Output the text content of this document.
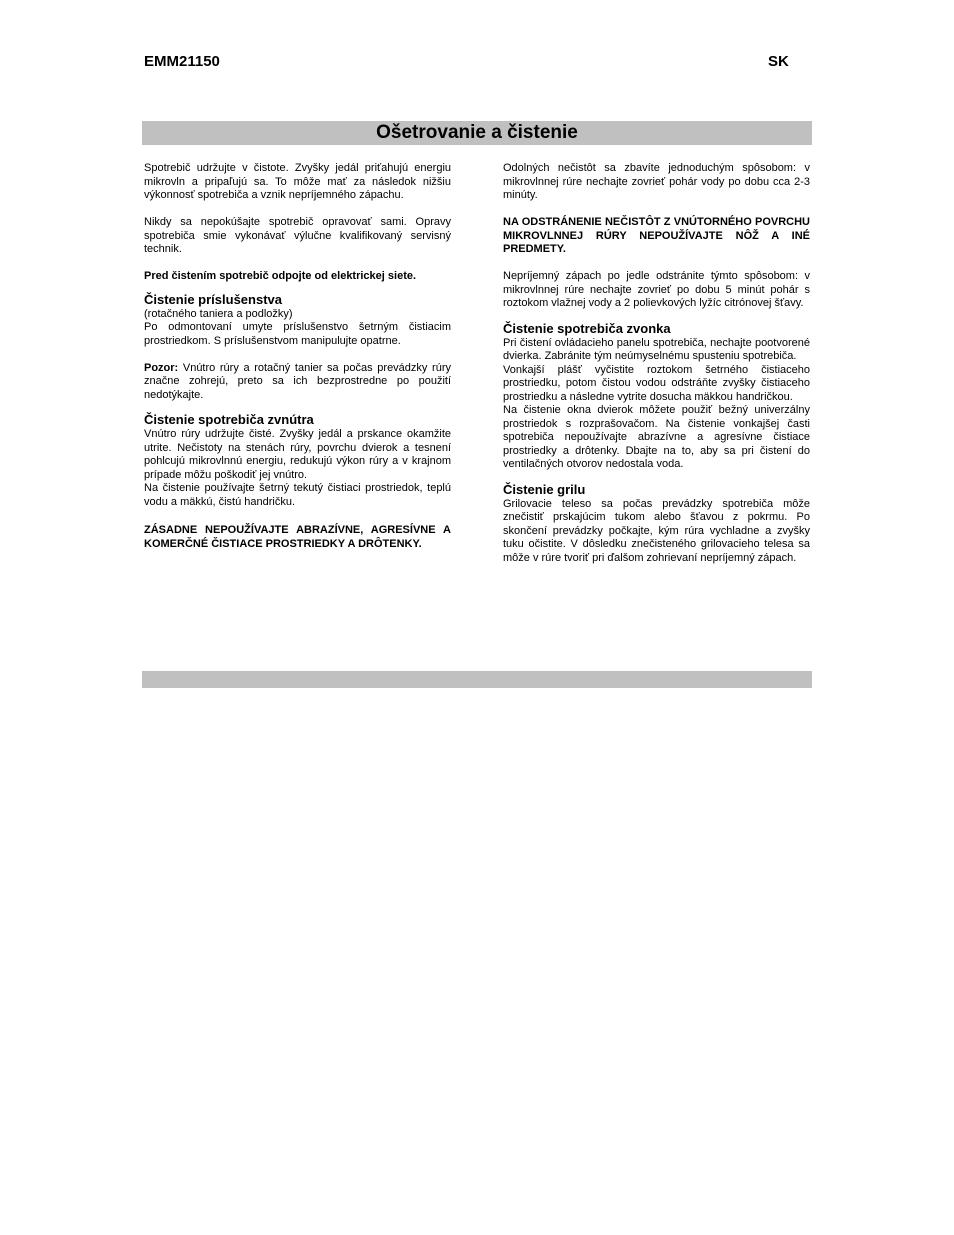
EMM21150	SK
Ošetrovanie a čistenie

Spotrebič udržujte v čistote. Zvyšky jedál priťahujú energiu mikrovln a pripaľujú sa. To môže mať za následok nižšiu výkonnosť spotrebiča a vznik nepríjemného zápachu.

Nikdy sa nepokúšajte spotrebič opravovať sami. Opravy spotrebiča smie vykonávať výlučne kvalifikovaný servisný technik.

Pred čistením spotrebič odpojte od elektrickej siete.

Čistenie príslušenstva

(rotačného taniera a podložky)

Po odmontovaní umyte príslušenstvo šetrným čistiacim prostriedkom. S príslušenstvom manipulujte opatrne.

Pozor: Vnútro rúry a rotačný tanier sa počas prevádzky rúry značne zohrejú, preto sa ich bezprostredne po použití nedotýkajte.

Čistenie spotrebiča zvnútra

Vnútro rúry udržujte čisté. Zvyšky jedál a prskance okamžite utrite. Nečistoty na stenách rúry, povrchu dvierok a tesnení pohlcujú mikrovlnnú energiu, redukujú výkon rúry a v krajnom prípade môžu poškodiť jej vnútro.

Na čistenie používajte šetrný tekutý čistiaci prostriedok, teplú vodu a mäkkú, čistú handričku.

ZÁSADNE NEPOUŽÍVAJTE ABRAZÍVNE, AGRESÍVNE A KOMERČNÉ ČISTIACE PROSTRIEDKY A DRÔTENKY.

Odolných nečistôt sa zbavíte jednoduchým spôsobom: v mikrovlnnej rúre nechajte zovrieť pohár vody po dobu cca 2-3 minúty.

NA ODSTRÁNENIE NEČISTÔT Z VNÚTORNÉHO POVRCHU MIKROVLNNEJ RÚRY NEPOUŽÍVAJTE NÔŽ A INÉ PREDMETY.

Nepríjemný zápach po jedle odstránite týmto spôsobom: v mikrovlnnej rúre nechajte zovrieť po dobu 5 minút pohár s roztokom vlažnej vody a 2 polievkových lyžíc citrónovej šťavy.

Čistenie spotrebiča zvonka

Pri čistení ovládacieho panelu spotrebiča, nechajte pootvorené dvierka. Zabránite tým neúmyselnému spusteniu spotrebiča.

Vonkajší plášť vyčistite roztokom šetrného čistiaceho prostriedku, potom čistou vodou odstráňte zvyšky čistiaceho prostriedku a následne vytrite dosucha mäkkou handričkou.

Na čistenie okna dvierok môžete použiť bežný univerzálny prostriedok s rozprašovačom. Na čistenie vonkajšej časti spotrebiča nepoužívajte abrazívne a agresívne čistiace prostriedky a drôtenky. Dbajte na to, aby sa pri čistení do ventilačných otvorov nedostala voda.

Čistenie grilu

Grilovacie teleso sa počas prevádzky spotrebiča môže znečistiť prskajúcim tukom alebo šťavou z pokrmu. Po skončení prevádzky počkajte, kým rúra vychladne a zvyšky tuku očistite. V dôsledku znečisteného grilovacieho telesa sa môže v rúre tvoriť pri ďalšom zohrievaní nepríjemný zápach.
